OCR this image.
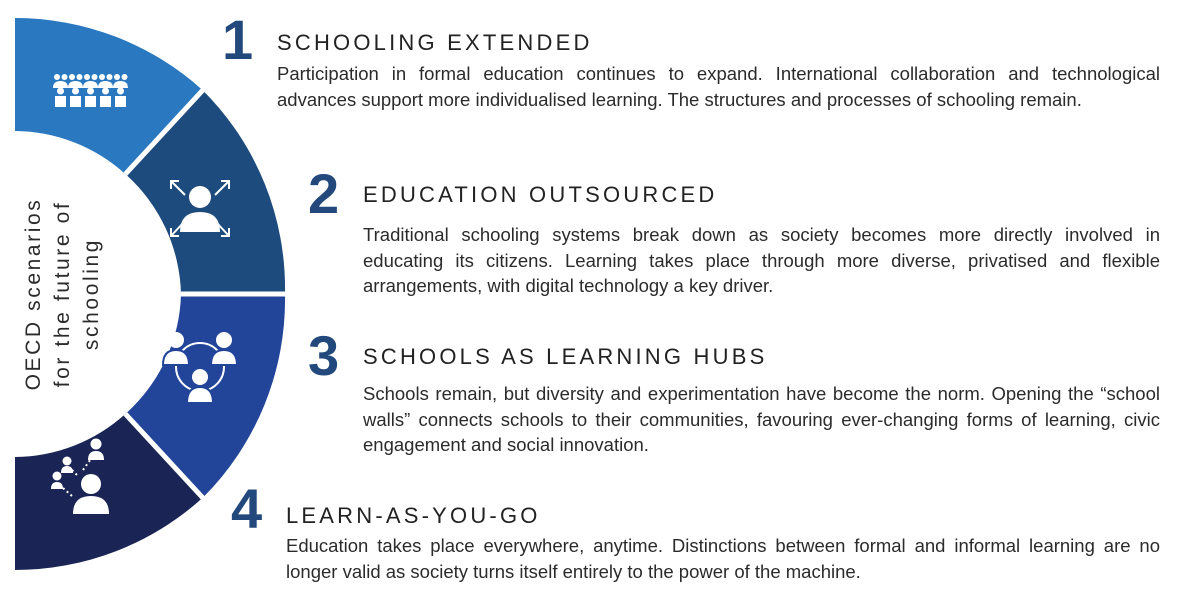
OECD scenarios for the future of schooling
1 SCHOOLING EXTENDED
Participation in formal education continues to expand. International collaboration and technological advances support more individualised learning. The structures and processes of schooling remain.
2 EDUCATION OUTSOURCED
Traditional schooling systems break down as society becomes more directly involved in educating its citizens. Learning takes place through more diverse, privatised and flexible arrangements, with digital technology a key driver.
3 SCHOOLS AS LEARNING HUBS
Schools remain, but diversity and experimentation have become the norm. Opening the “school walls” connects schools to their communities, favouring ever-changing forms of learning, civic engagement and social innovation.
4 LEARN-AS-YOU-GO
Education takes place everywhere, anytime. Distinctions between formal and informal learning are no longer valid as society turns itself entirely to the power of the machine.
